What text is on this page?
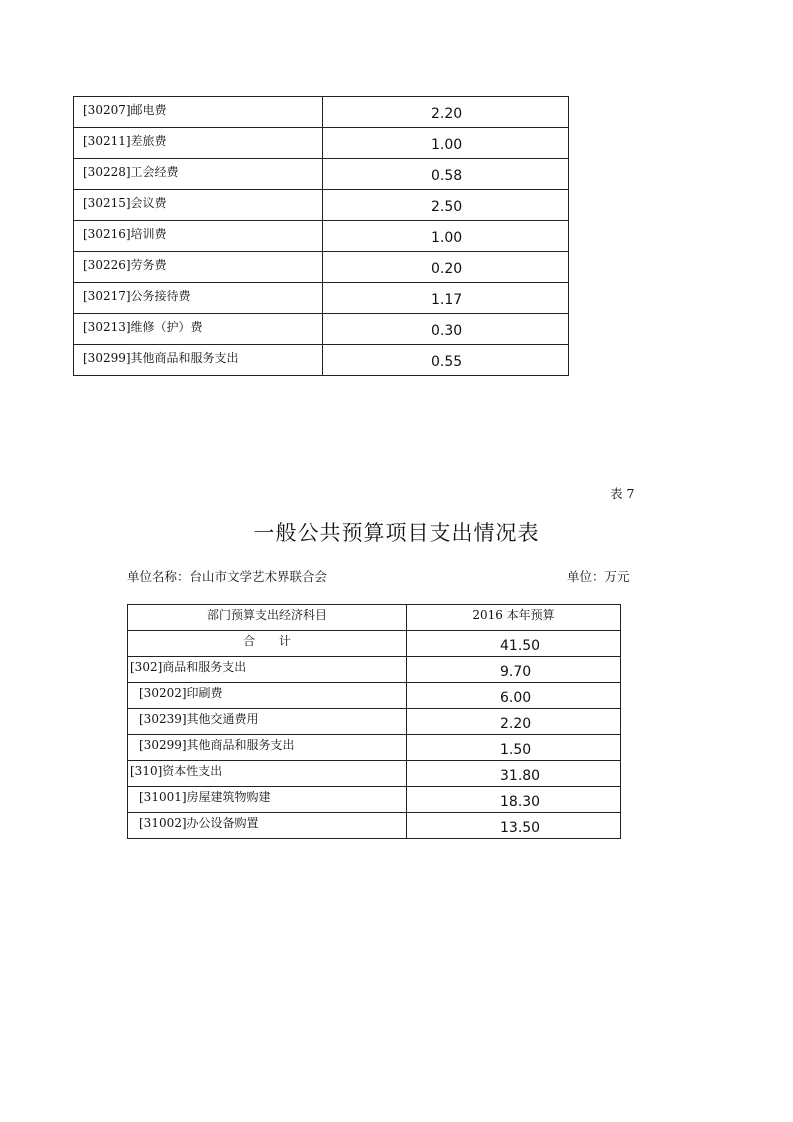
[30207]邮电费	2.20
[30211]差旅费	1.00
[30228]工会经费	0.58
[30215]会议费	2.50
[30216]培训费	1.00
[30226]劳务费	0.20
[30217]公务接待费	1.17
[30213]维修（护）费	0.30
[30299]其他商品和服务支出	0.55
表 7
一般公共预算项目支出情况表
单位名称：台山市文学艺术界联合会	单位：万元
部门预算支出经济科目	2016 本年预算
合 计	41.50
[302]商品和服务支出	9.70
[30202]印刷费	6.00
[30239]其他交通费用	2.20
[30299]其他商品和服务支出	1.50
[310]资本性支出	31.80
[31001]房屋建筑物购建	18.30
[31002]办公设备购置	13.50
